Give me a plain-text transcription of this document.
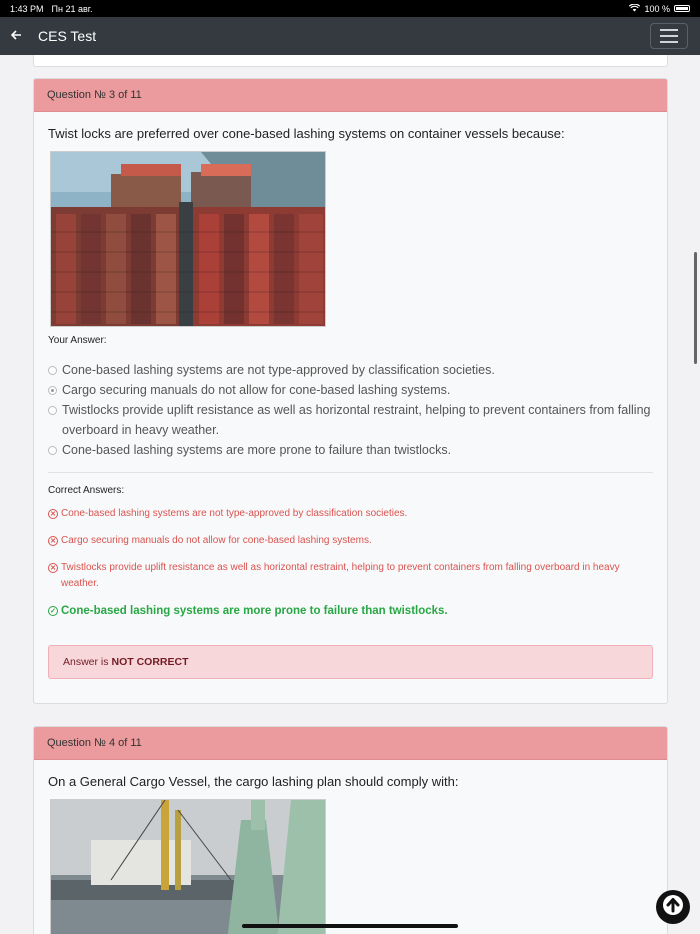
1:43 PM Пн 21 авг.	100 %
CES Test
Question № 3 of 11
Twist locks are preferred over cone-based lashing systems on container vessels because:
Your Answer:
Cone-based lashing systems are not type-approved by classification societies.
Cargo securing manuals do not allow for cone-based lashing systems.
Twistlocks provide uplift resistance as well as horizontal restraint, helping to prevent containers from falling overboard in heavy weather.
Cone-based lashing systems are more prone to failure than twistlocks.
Correct Answers:
✕ Cone-based lashing systems are not type-approved by classification societies.
✕ Cargo securing manuals do not allow for cone-based lashing systems.
✕ Twistlocks provide uplift resistance as well as horizontal restraint, helping to prevent containers from falling overboard in heavy weather.
✓ Cone-based lashing systems are more prone to failure than twistlocks.
Answer is NOT CORRECT
Question № 4 of 11
On a General Cargo Vessel, the cargo lashing plan should comply with:
